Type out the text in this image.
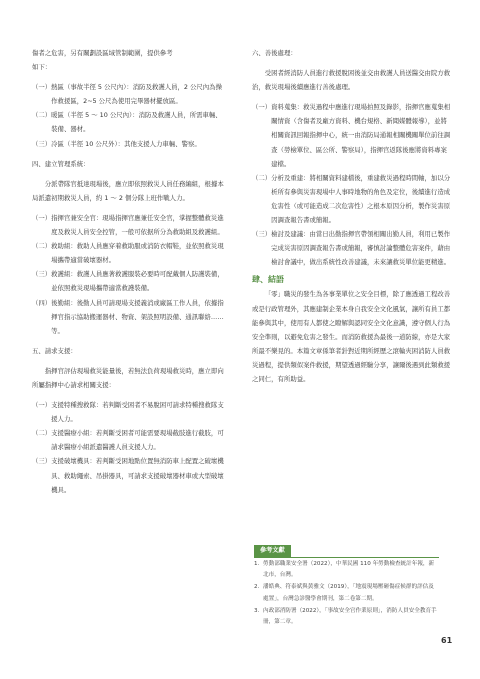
傷者之危害，另有關劃設區域管制範圍，提供參考

如下：

（一） 熱區（事故半徑 5 公尺內）：消防及救護人員，2 公尺內為操作救援區，2~5 公尺為使用完畢器材擺放區。
（二） 暖區（半徑 5 ～ 10 公尺內）：消防及救護人員，所需車輛、裝備、器材。
（三） 冷區（半徑 10 公尺外）：其他支援人力車輛、警察。

四、建立管理系統：

分派帶隊官抵達現場後，應立即依照救災人員任務編組，根據本局派遣初期救災人員，約 1 ～ 2 個分隊上班作戰人力。

（一） 指揮官兼安全官：現場指揮官應兼任安全官，掌握整體救災進度及救災人員安全控管，一般可依据所分為救助組及救護組。
（二） 救助組：救助人員應穿着救助服或消防衣帽鞋，並依照救災現場攜帶適當破壞器材。
（三） 救護組：救護人員應著救護服裝必要時可配戴個人防護裝備，並依照救災現場攜帶適當救護裝備。
（四） 後勤組：後勤人員可請現場支援義消或廠區工作人員，依據指揮官指示協助搬運器材、物資、架設照明設備、通訊聯絡……等。

五、請求支援：

指揮官評估現場救災能量後，若無法負荷現場救災時，應立即向所屬指揮中心請求相關支援：

（一） 支援特種搜救隊：若判斷受困者不易脫困可請求特種搜救隊支援人力。
（二） 支援醫療小組：若判斷受困者可能需要現場截肢進行截肢，可請求醫療小組派遣醫護人員支援人力。
（三） 支援破壞機具：若判斷受困地點位置無消防車上配置之破壞機具、救助繩索、吊掛器具，可請求支援破壞器材車或大型破壞機具。

六、善後處理：

受困者經消防人員進行救援脫困後並交由救護人員送醫交由院方救治，救災現場後續應進行善後處理。

（一） 資料蒐集：救災過程中應進行現場拍照及錄影，指揮官應蒐集相關情資（含傷者及廠方資料、機台規格、新聞媒體報導），並將相關資訊回報指揮中心，統一由消防局通報相關機關單位前往調查（勞檢單位、區公所、警察局），指揮官返隊後應將資料專案建檔。
（二） 分析及重建：將相關資料建檔後，重建救災過程時間軸，加以分析所有參與災害現場中人事時地物的角色及定位，後續進行造成危害性（或可能造成二次危害性）之根本原因分析，製作災害原因調查報告書或簡報。
（三） 檢討及建議：由當日出勤指揮官帶領相關出勤人員，利用已製作完成災害原因調查報告書或簡報，審慎討論整體危害案件，藉由檢討會議中，做出系統性改善建議，未來讓救災單位能更精進。

肆、結語

「零」職災的發生為各事業單位之安全目標，除了應透過工程改善或是行政管理外，其應建制企業本身自我安全文化風氣，讓所有員工都能參與其中，使用有人都使之瞭解與認同安全文化意識，遵守個人行為安全準則，以避免危害之發生。而消防救援為最後一道防線，亦是大家所最不樂見的。本篇文章係筆者針對近期所經歷之滾輪夾困消防人員救災過程，提供類似案件救援，期望透過經驗分享，讓爾後遇到此類救援之同仁，有所助益。

參考文獻
1. 勞動部職業安全署（2022），中華民國 110 年勞動檢查統計年報，新北市，台灣。
2. 潘皓典、符泰斌與黃雅文（2019），「地震現場壓砸傷症候群的評估及處置」，台灣急診醫學會期刊，第二卷第二期。
3. 內政部消防署（2022），「事故安全官作業原則」，消防人員安全教育手冊，第二章。
61
